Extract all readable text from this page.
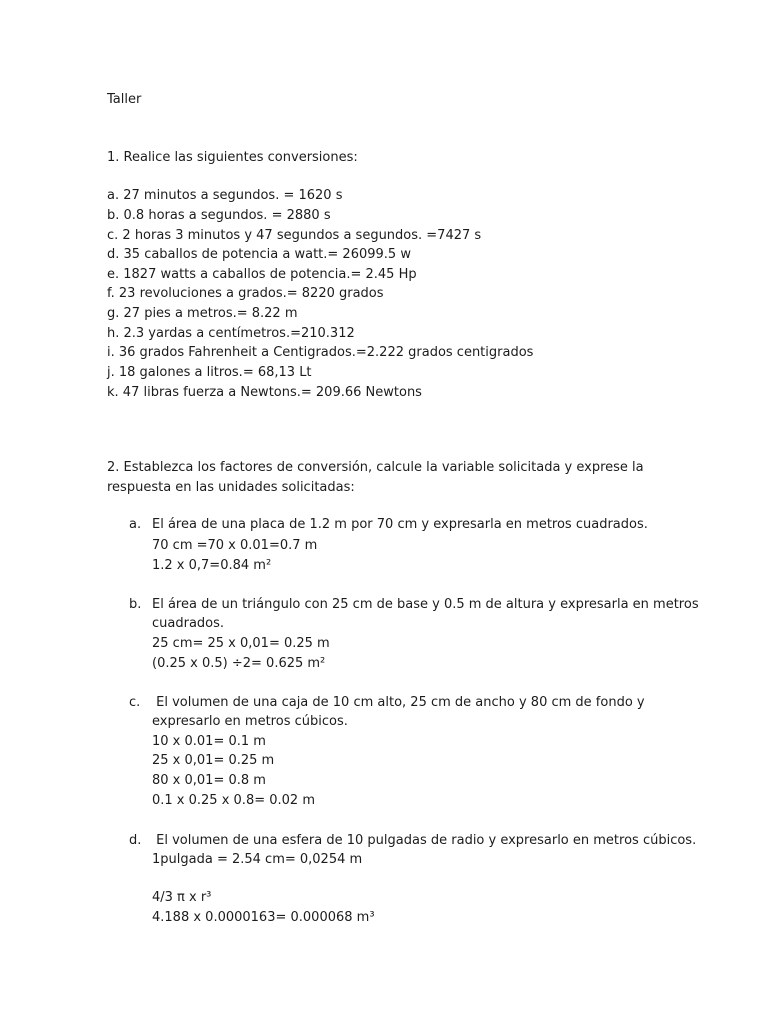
Taller
1. Realice las siguientes conversiones:
a. 27 minutos a segundos. = 1620 s
b. 0.8 horas a segundos. = 2880 s
c. 2 horas 3 minutos y 47 segundos a segundos. =7427 s
d. 35 caballos de potencia a watt.= 26099.5 w
e. 1827 watts a caballos de potencia.= 2.45 Hp
f. 23 revoluciones a grados.= 8220 grados
g. 27 pies a metros.= 8.22 m
h. 2.3 yardas a centímetros.=210.312
i. 36 grados Fahrenheit a Centigrados.=2.222 grados centigrados
j. 18 galones a litros.= 68,13 Lt
k. 47 libras fuerza a Newtons.= 209.66 Newtons
2. Establezca los factores de conversión, calcule la variable solicitada y exprese la
respuesta en las unidades solicitadas:
a. El área de una placa de 1.2 m por 70 cm y expresarla en metros cuadrados.
70 cm =70 x 0.01=0.7 m
1.2 x 0,7=0.84 m²
b. El área de un triángulo con 25 cm de base y 0.5 m de altura y expresarla en metros
cuadrados.
25 cm= 25 x 0,01= 0.25 m
(0.25 x 0.5) ÷2= 0.625 m²
c. El volumen de una caja de 10 cm alto, 25 cm de ancho y 80 cm de fondo y
expresarlo en metros cúbicos.
10 x 0.01= 0.1 m
25 x 0,01= 0.25 m
80 x 0,01= 0.8 m
0.1 x 0.25 x 0.8= 0.02 m
d. El volumen de una esfera de 10 pulgadas de radio y expresarlo en metros cúbicos.
1pulgada = 2.54 cm= 0,0254 m
4/3 π x r³
4.188 x 0.0000163= 0.000068 m³
